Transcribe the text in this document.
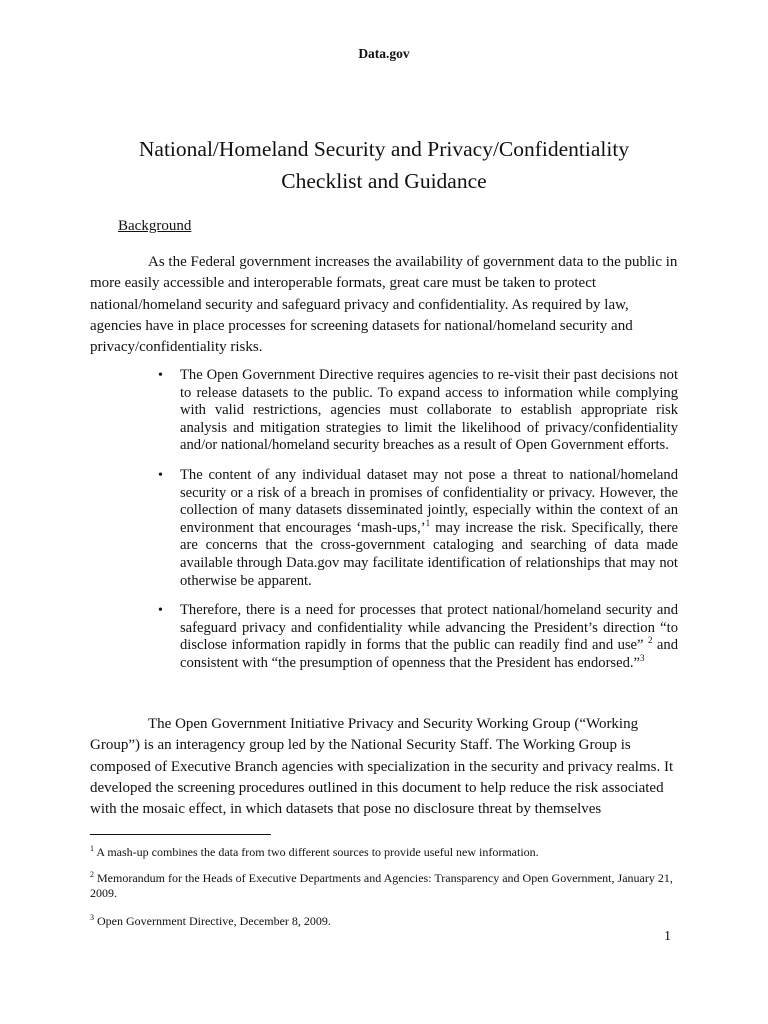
Data.gov
National/Homeland Security and Privacy/Confidentiality
Checklist and Guidance
Background

As the Federal government increases the availability of government data to the public in more easily accessible and interoperable formats, great care must be taken to protect national/homeland security and safeguard privacy and confidentiality. As required by law, agencies have in place processes for screening datasets for national/homeland security and privacy/confidentiality risks.

• The Open Government Directive requires agencies to re-visit their past decisions not to release datasets to the public. To expand access to information while complying with valid restrictions, agencies must collaborate to establish appropriate risk analysis and mitigation strategies to limit the likelihood of privacy/confidentiality and/or national/homeland security breaches as a result of Open Government efforts.
• The content of any individual dataset may not pose a threat to national/homeland security or a risk of a breach in promises of confidentiality or privacy. However, the collection of many datasets disseminated jointly, especially within the context of an environment that encourages ‘mash-ups,’$^1$ may increase the risk. Specifically, there are concerns that the cross-government cataloging and searching of data made available through Data.gov may facilitate identification of relationships that may not otherwise be apparent.
• Therefore, there is a need for processes that protect national/homeland security and safeguard privacy and confidentiality while advancing the President’s direction “to disclose information rapidly in forms that the public can readily find and use” $^2$ and consistent with “the presumption of openness that the President has endorsed.”$^3$

The Open Government Initiative Privacy and Security Working Group (“Working Group”) is an interagency group led by the National Security Staff. The Working Group is composed of Executive Branch agencies with specialization in the security and privacy realms. It developed the screening procedures outlined in this document to help reduce the risk associated with the mosaic effect, in which datasets that pose no disclosure threat by themselves

$^1$ A mash-up combines the data from two different sources to provide useful new information.

$^2$ Memorandum for the Heads of Executive Departments and Agencies: Transparency and Open Government, January 21, 2009.

$^3$ Open Government Directive, December 8, 2009.

1
